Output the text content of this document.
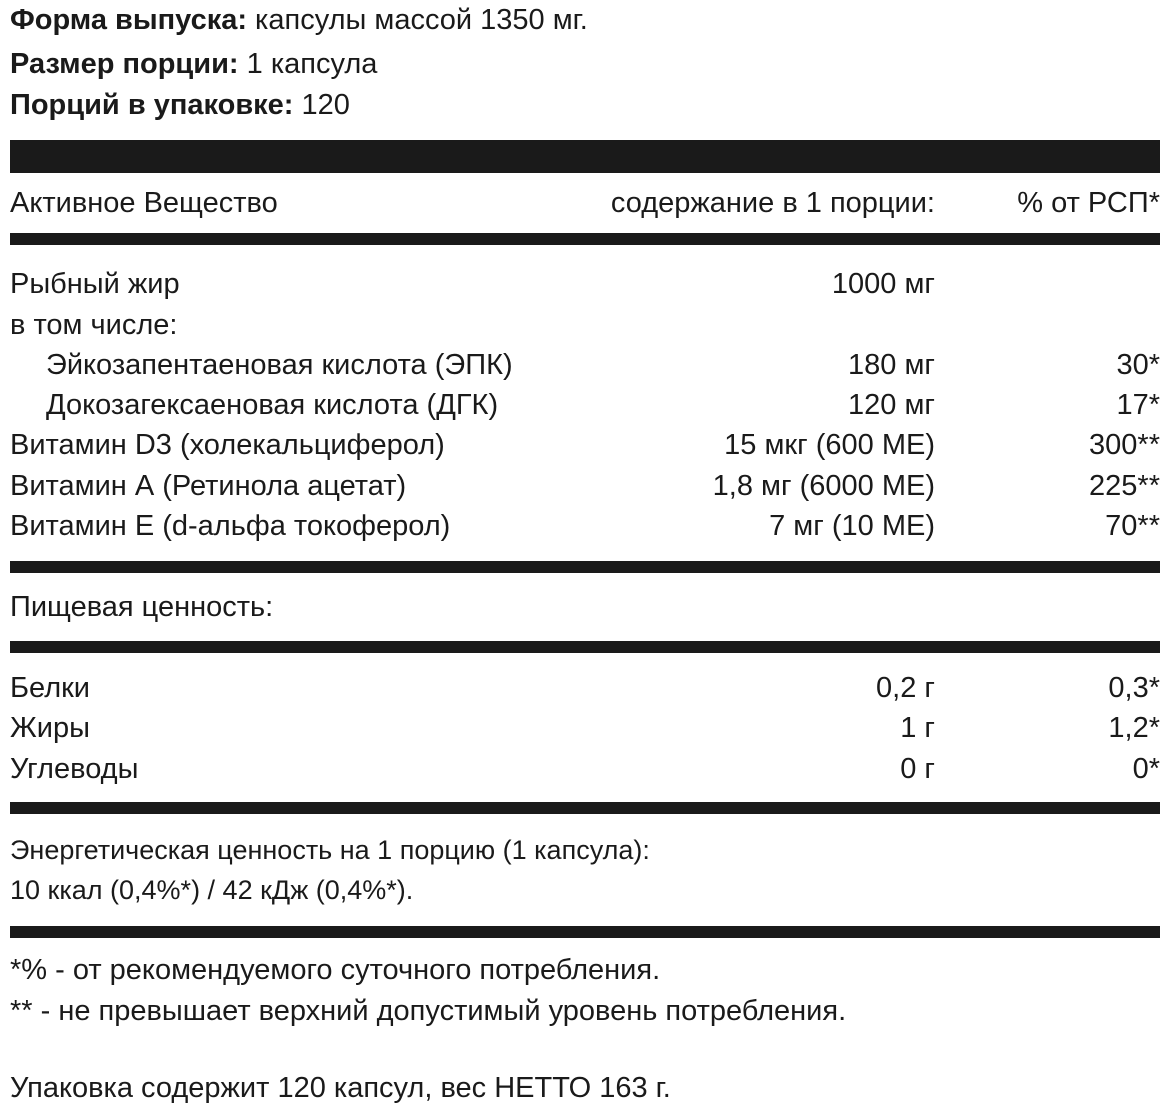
Форма выпуска: капсулы массой 1350 мг.
Размер порции: 1 капсула
Порций в упаковке: 120
Активное Вещество	содержание в 1 порции:	% от РСП*
Рыбный жир	1000 мг
в том числе:
Эйкозапентаеновая кислота (ЭПК)	180 мг	30*
Докозагексаеновая кислота (ДГК)	120 мг	17*
Витамин D3 (холекальциферол)	15 мкг (600 МЕ)	300**
Витамин А (Ретинола ацетат)	1,8 мг (6000 МЕ)	225**
Витамин Е (d-альфа токоферол)	7 мг (10 МЕ)	70**
Пищевая ценность:
Белки	0,2 г	0,3*
Жиры	1 г	1,2*
Углеводы	0 г	0*
Энергетическая ценность на 1 порцию (1 капсула):
10 ккал (0,4%*) / 42 кДж (0,4%*).
*% - от рекомендуемого суточного потребления.
** - не превышает верхний допустимый уровень потребления.
Упаковка содержит 120 капсул, вес НЕТТО 163 г.
